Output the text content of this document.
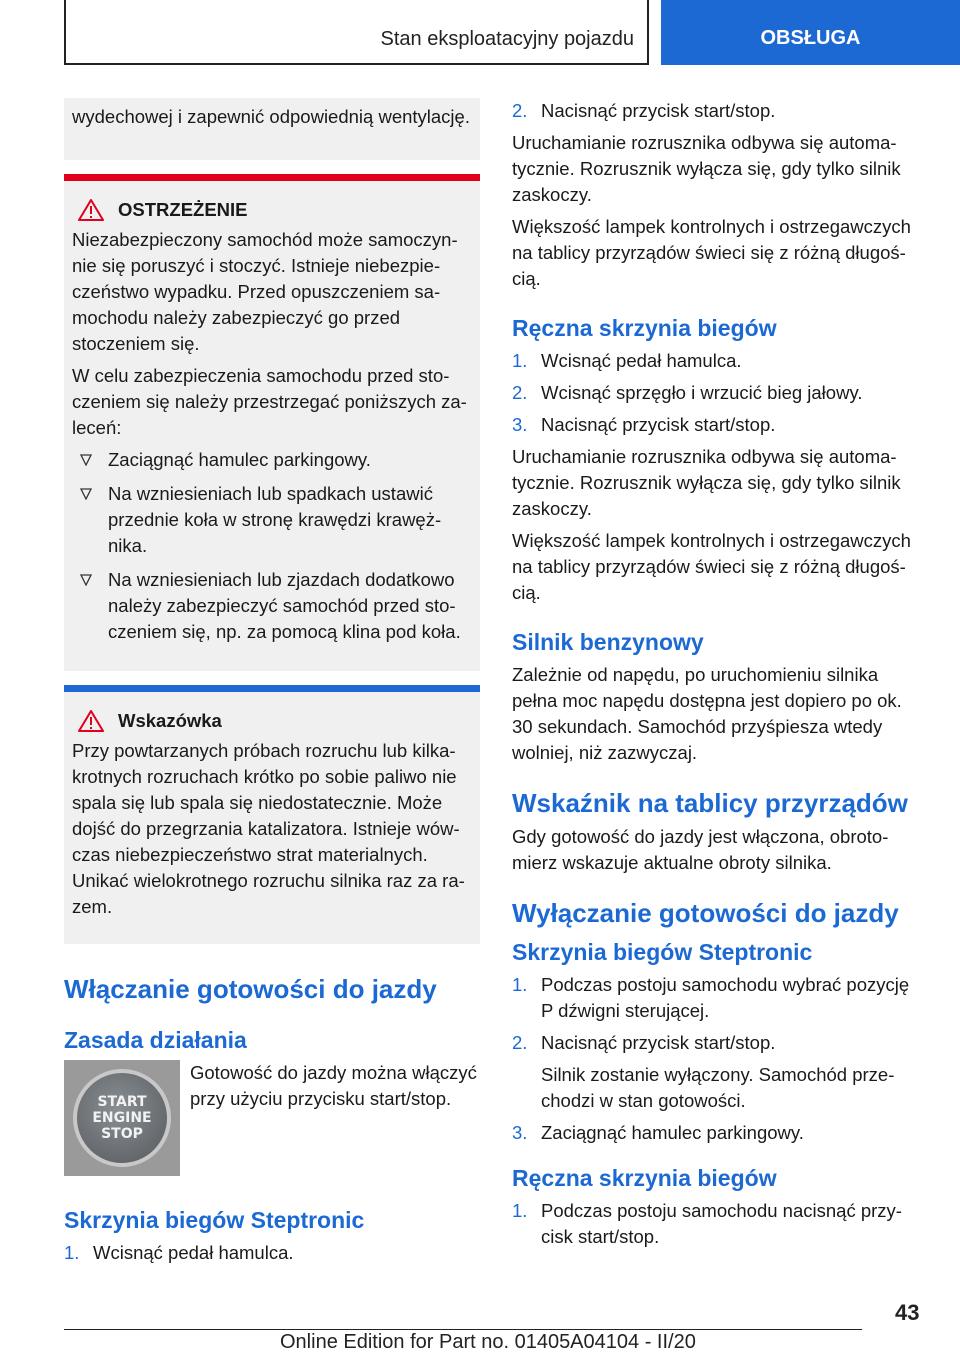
Stan eksploatacyjny pojazdu	OBSŁUGA

wydechowej i zapewnić odpowiednią wentylację.

OSTRZEŻENIE

Niezabezpieczony samochód może samoczynnie się poruszyć i stoczyć. Istnieje niebezpieczeństwo wypadku. Przed opuszczeniem samochodu należy zabezpieczyć go przed stoczeniem się.

W celu zabezpieczenia samochodu przed stoczeniem się należy przestrzegać poniższych zaleceń:

Zaciągnąć hamulec parkingowy.
Na wzniesieniach lub spadkach ustawić przednie koła w stronę krawędzi krawężnika.
Na wzniesieniach lub zjazdach dodatkowo należy zabezpieczyć samochód przed stoczeniem się, np. za pomocą klina pod koła.
Wskazówka

Przy powtarzanych próbach rozruchu lub kilkakrotnych rozruchach krótko po sobie paliwo nie spala się lub spala się niedostatecznie. Może dojść do przegrzania katalizatora. Istnieje wówczas niebezpieczeństwo strat materialnych. Unikać wielokrotnego rozruchu silnika raz za razem.

Włączanie gotowości do jazdy
Zasada działania
START
ENGINE
STOP

Gotowość do jazdy można włączyć przy użyciu przycisku start/stop.

Skrzynia biegów Steptronic
1. Wcisnąć pedał hamulca.
2. Nacisnąć przycisk start/stop.

Uruchamianie rozrusznika odbywa się automatycznie. Rozrusznik wyłącza się, gdy tylko silnik zaskoczy.

Większość lampek kontrolnych i ostrzegawczych na tablicy przyrządów świeci się z różną długością.

Ręczna skrzynia biegów
1. Wcisnąć pedał hamulca.
2. Wcisnąć sprzęgło i wrzucić bieg jałowy.
3. Nacisnąć przycisk start/stop.

Uruchamianie rozrusznika odbywa się automatycznie. Rozrusznik wyłącza się, gdy tylko silnik zaskoczy.

Większość lampek kontrolnych i ostrzegawczych na tablicy przyrządów świeci się z różną długością.

Silnik benzynowy

Zależnie od napędu, po uruchomieniu silnika pełna moc napędu dostępna jest dopiero po ok. 30 sekundach. Samochód przyśpiesza wtedy wolniej, niż zazwyczaj.

Wskaźnik na tablicy przyrządów

Gdy gotowość do jazdy jest włączona, obrotomierz wskazuje aktualne obroty silnika.

Wyłączanie gotowości do jazdy
Skrzynia biegów Steptronic
1. Podczas postoju samochodu wybrać pozycję P dźwigni sterującej.
2. Nacisnąć przycisk start/stop.
Silnik zostanie wyłączony. Samochód przechodzi w stan gotowości.
3. Zaciągnąć hamulec parkingowy.
Ręczna skrzynia biegów
1. Podczas postoju samochodu nacisnąć przycisk start/stop.
43
Online Edition for Part no. 01405A04104 - II/20
